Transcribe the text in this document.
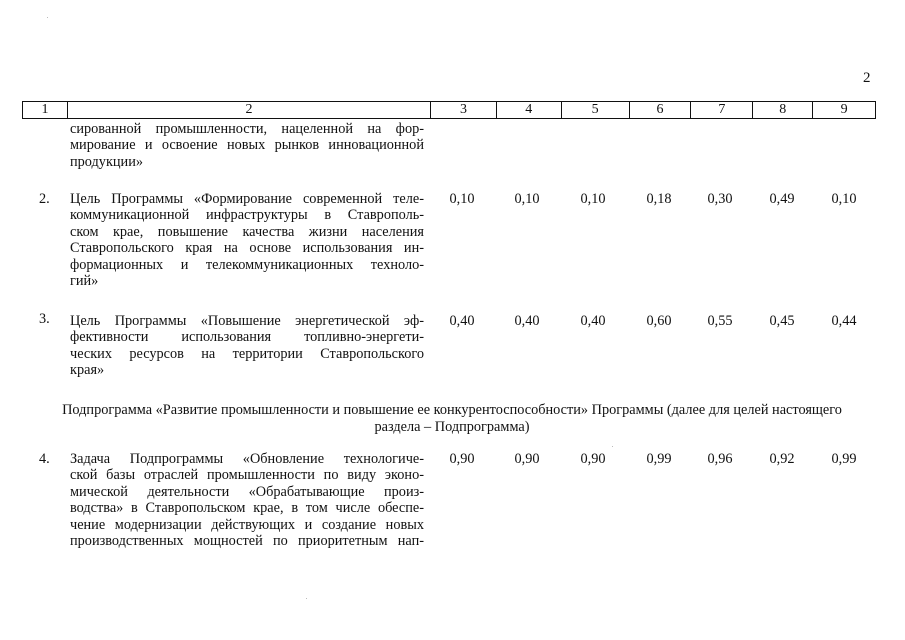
2
1	2	3	4	5	6	7	8	9
сированной промышленности, нацеленной на фор-
мирование и освоение новых рынков инновационной
продукции»
2. Цель Программы «Формирование современной теле-
коммуникационной инфраструктуры в Ставрополь-
ском крае, повышение качества жизни населения
Ставропольского края на основе использования ин-
формационных и телекоммуникационных техноло-
гий»
0,10	0,10	0,10	0,18	0,30	0,49	0,10
3. Цель Программы «Повышение энергетической эф-
фективности использования топливно-энергети-
ческих ресурсов на территории Ставропольского
края»
0,40	0,40	0,40	0,60	0,55	0,45	0,44
Подпрограмма «Развитие промышленности и повышение ее конкурентоспособности» Программы (далее для целей настоящего
раздела – Подпрограмма)
4. Задача Подпрограммы «Обновление технологиче-
ской базы отраслей промышленности по виду эконо-
мической деятельности «Обрабатывающие произ-
водства» в Ставропольском крае, в том числе обеспе-
чение модернизации действующих и создание новых
производственных мощностей по приоритетным нап-
0,90	0,90	0,90	0,99	0,96	0,92	0,99
